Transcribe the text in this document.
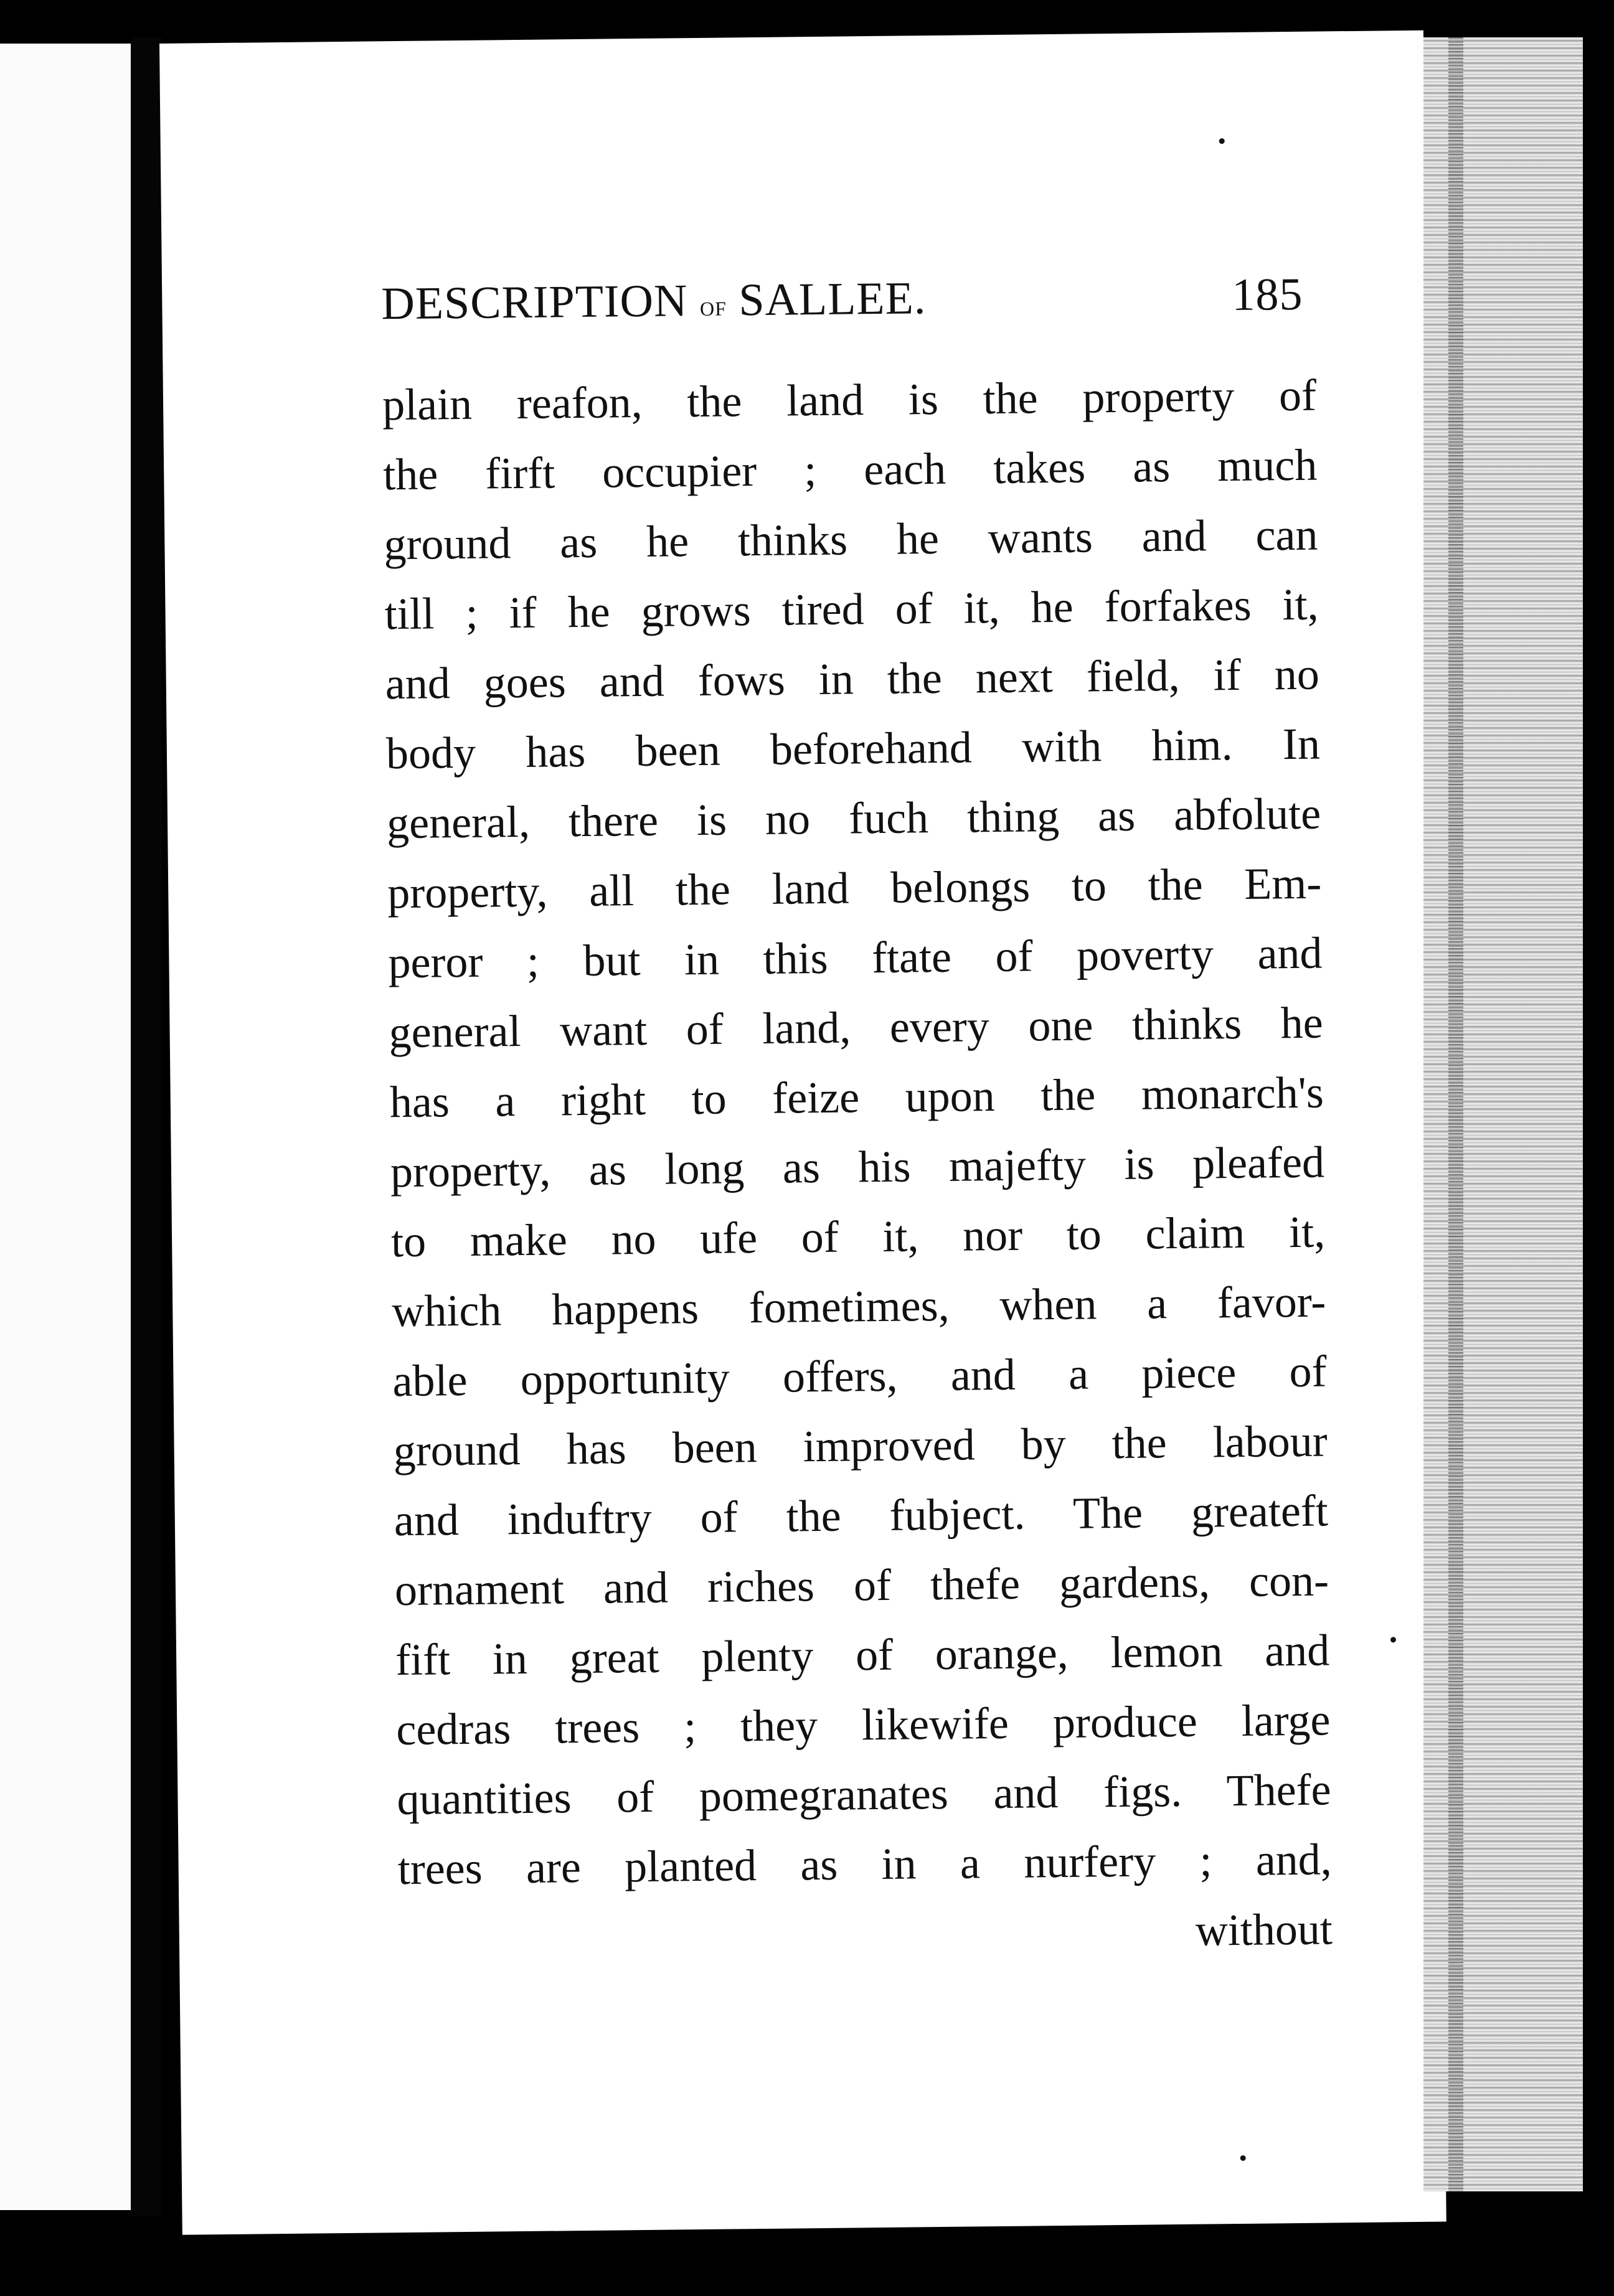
DESCRIPTION of SALLEE.	185
plain reafon, the land is the property of
the firft occupier ; each takes as much
ground as he thinks he wants and can
till ; if he grows tired of it, he forfakes it,
and goes and fows in the next field, if no
body has been beforehand with him. In
general, there is no fuch thing as abfolute
property, all the land belongs to the Em-
peror ; but in this ftate of poverty and
general want of land, every one thinks he
has a right to feize upon the monarch's
property, as long as his majefty is pleafed
to make no ufe of it, nor to claim it,
which happens fometimes, when a favor-
able opportunity offers, and a piece of
ground has been improved by the labour
and induftry of the fubject. The greateft
ornament and riches of thefe gardens, con-
fift in great plenty of orange, lemon and
cedras trees ; they likewife produce large
quantities of pomegranates and figs. Thefe
trees are planted as in a nurfery ; and,
without
